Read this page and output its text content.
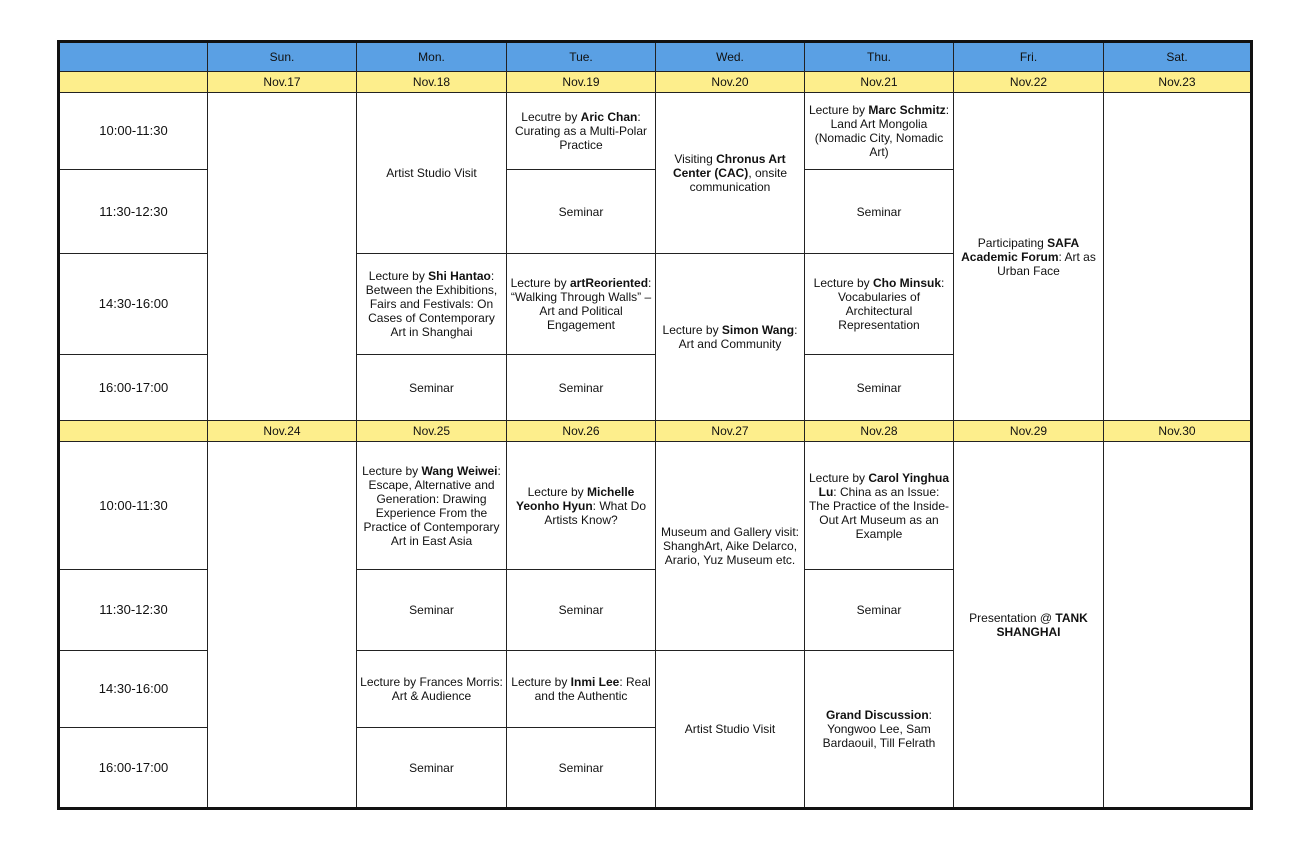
	Sun.	Mon.	Tue.	Wed.	Thu.	Fri.	Sat.
	Nov.17	Nov.18	Nov.19	Nov.20	Nov.21	Nov.22	Nov.23
10:00-11:30		Artist Studio Visit	Lecutre by Aric Chan: Curating as a Multi-Polar Practice	Visiting Chronus Art Center (CAC), onsite communication	Lecture by Marc Schmitz: Land Art Mongolia (Nomadic City, Nomadic Art)	Participating SAFA Academic Forum: Art as Urban Face	
11:30-12:30			Seminar		Seminar		
14:30-16:00		Lecture by Shi Hantao: Between the Exhibitions, Fairs and Festivals: On Cases of Contemporary Art in Shanghai	Lecture by artReoriented: “Walking Through Walls” – Art and Political Engagement	Lecture by Simon Wang: Art and Community	Lecture by Cho Minsuk: Vocabularies of Architectural Representation		
16:00-17:00		Seminar	Seminar		Seminar		
	Nov.24	Nov.25	Nov.26	Nov.27	Nov.28	Nov.29	Nov.30
10:00-11:30		Lecture by Wang Weiwei: Escape, Alternative and Generation: Drawing Experience From the Practice of Contemporary Art in East Asia	Lecture by Michelle Yeonho Hyun: What Do Artists Know?	Museum and Gallery visit: ShanghArt, Aike Delarco, Arario, Yuz Museum etc.	Lecture by Carol Yinghua Lu: China as an Issue: The Practice of the Inside-Out Art Museum as an Example	Presentation @ TANK SHANGHAI	
11:30-12:30		Seminar	Seminar		Seminar		
14:30-16:00		Lecture by Frances Morris: Art & Audience	Lecture by Inmi Lee: Real and the Authentic	Artist Studio Visit	Grand Discussion: Yongwoo Lee, Sam Bardaouil, Till Felrath		
16:00-17:00		Seminar	Seminar				
